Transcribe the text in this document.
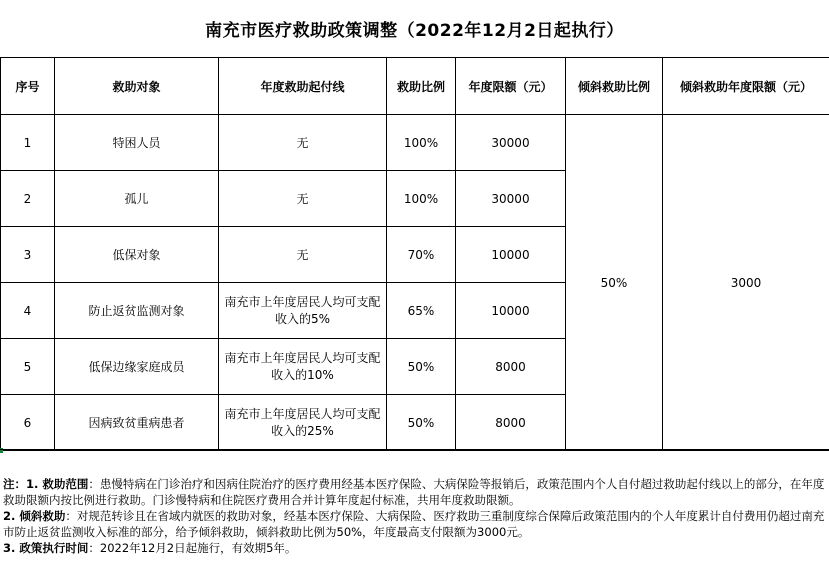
南充市医疗救助政策调整（2022年12月2日起执行）
序号	救助对象	年度救助起付线	救助比例	年度限额（元）	倾斜救助比例	倾斜救助年度限额（元）
1	特困人员	无	100%	30000	50%	3000
2	孤儿	无	100%	30000		
3	低保对象	无	70%	10000		
4	防止返贫监测对象	南充市上年度居民人均可支配收入的5%	65%	10000		
5	低保边缘家庭成员	南充市上年度居民人均可支配收入的10%	50%	8000		
6	因病致贫重病患者	南充市上年度居民人均可支配收入的25%	50%	8000		

注：1. 救助范围：患慢特病在门诊治疗和因病住院治疗的医疗费用经基本医疗保险、大病保险等报销后，政策范围内个人自付超过救助起付线以上的部分，在年度救助限额内按比例进行救助。门诊慢特病和住院医疗费用合并计算年度起付标准，共用年度救助限额。

2. 倾斜救助：对规范转诊且在省域内就医的救助对象，经基本医疗保险、大病保险、医疗救助三重制度综合保障后政策范围内的个人年度累计自付费用仍超过南充市防止返贫监测收入标准的部分，给予倾斜救助，倾斜救助比例为50%，年度最高支付限额为3000元。

3. 政策执行时间：2022年12月2日起施行，有效期5年。
